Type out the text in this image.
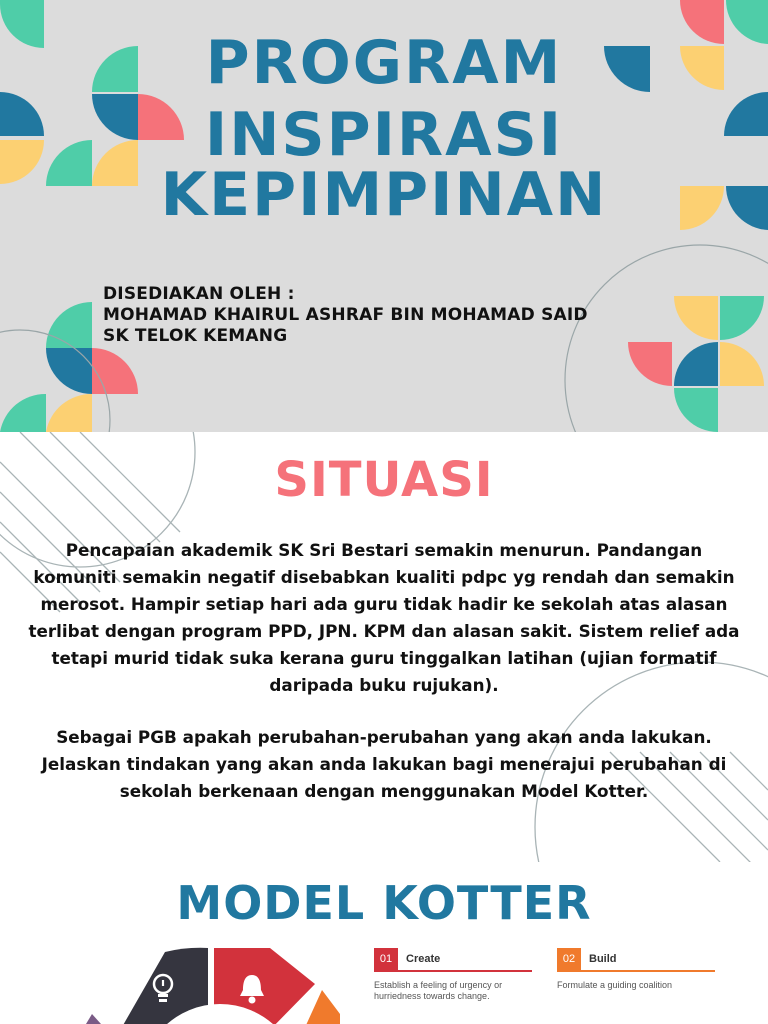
PROGRAM
INSPIRASI
KEPIMPINAN
DISEDIAKAN OLEH :
MOHAMAD KHAIRUL ASHRAF BIN MOHAMAD SAID
SK TELOK KEMANG
SITUASI

Pencapaian akademik SK Sri Bestari semakin menurun. Pandangan komuniti semakin negatif disebabkan kualiti pdpc yg rendah dan semakin merosot. Hampir setiap hari ada guru tidak hadir ke sekolah atas alasan terlibat dengan program PPD, JPN. KPM dan alasan sakit. Sistem relief ada tetapi murid tidak suka kerana guru tinggalkan latihan (ujian formatif daripada buku rujukan).

Sebagai PGB apakah perubahan-perubahan yang akan anda lakukan. Jelaskan tindakan yang akan anda lakukan bagi menerajui perubahan di sekolah berkenaan dengan menggunakan Model Kotter.

MODEL KOTTER
01	Create
Establish a feeling of urgency or hurriedness towards change.
02	Build
Formulate a guiding coalition
